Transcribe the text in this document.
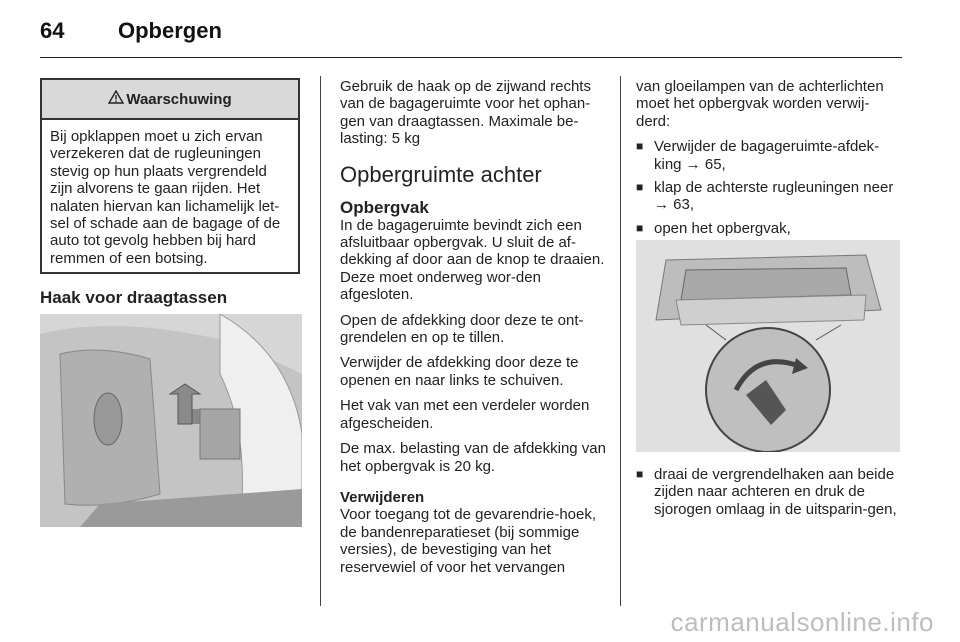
64 Opbergen
Waarschuwing
Bij opklappen moet u zich ervan
verzekeren dat de rugleuningen
stevig op hun plaats vergrendeld
zijn alvorens te gaan rijden. Het
nalaten hiervan kan lichamelijk let-
sel of schade aan de bagage of de
auto tot gevolg hebben bij hard
remmen of een botsing.
Haak voor draagtassen

Gebruik de haak op de zijwand rechts van de bagageruimte voor het ophan-gen van draagtassen. Maximale be-lasting: 5 kg

Opbergruimte achter
Opbergvak

In de bagageruimte bevindt zich een afsluitbaar opbergvak. U sluit de af-dekking af door aan de knop te draaien. Deze moet onderweg wor-den afgesloten.

Open de afdekking door deze te ont-grendelen en op te tillen.

Verwijder de afdekking door deze te openen en naar links te schuiven.

Het vak van met een verdeler worden afgescheiden.

De max. belasting van de afdekking van het opbergvak is 20 kg.

Verwijderen

Voor toegang tot de gevarendrie-hoek, de bandenreparatieset (bij sommige versies), de bevestiging van het reservewiel of voor het vervangen

van gloeilampen van de achterlichten moet het opbergvak worden verwij-derd:

■ Verwijder de bagageruimte-afdek-king → 65,
■ klap de achterste rugleuningen neer → 63,
■ open het opbergvak,
■ draai de vergrendelhaken aan beide zijden naar achteren en druk de sjorogen omlaag in de uitsparin-gen,
carmanualsonline.info
